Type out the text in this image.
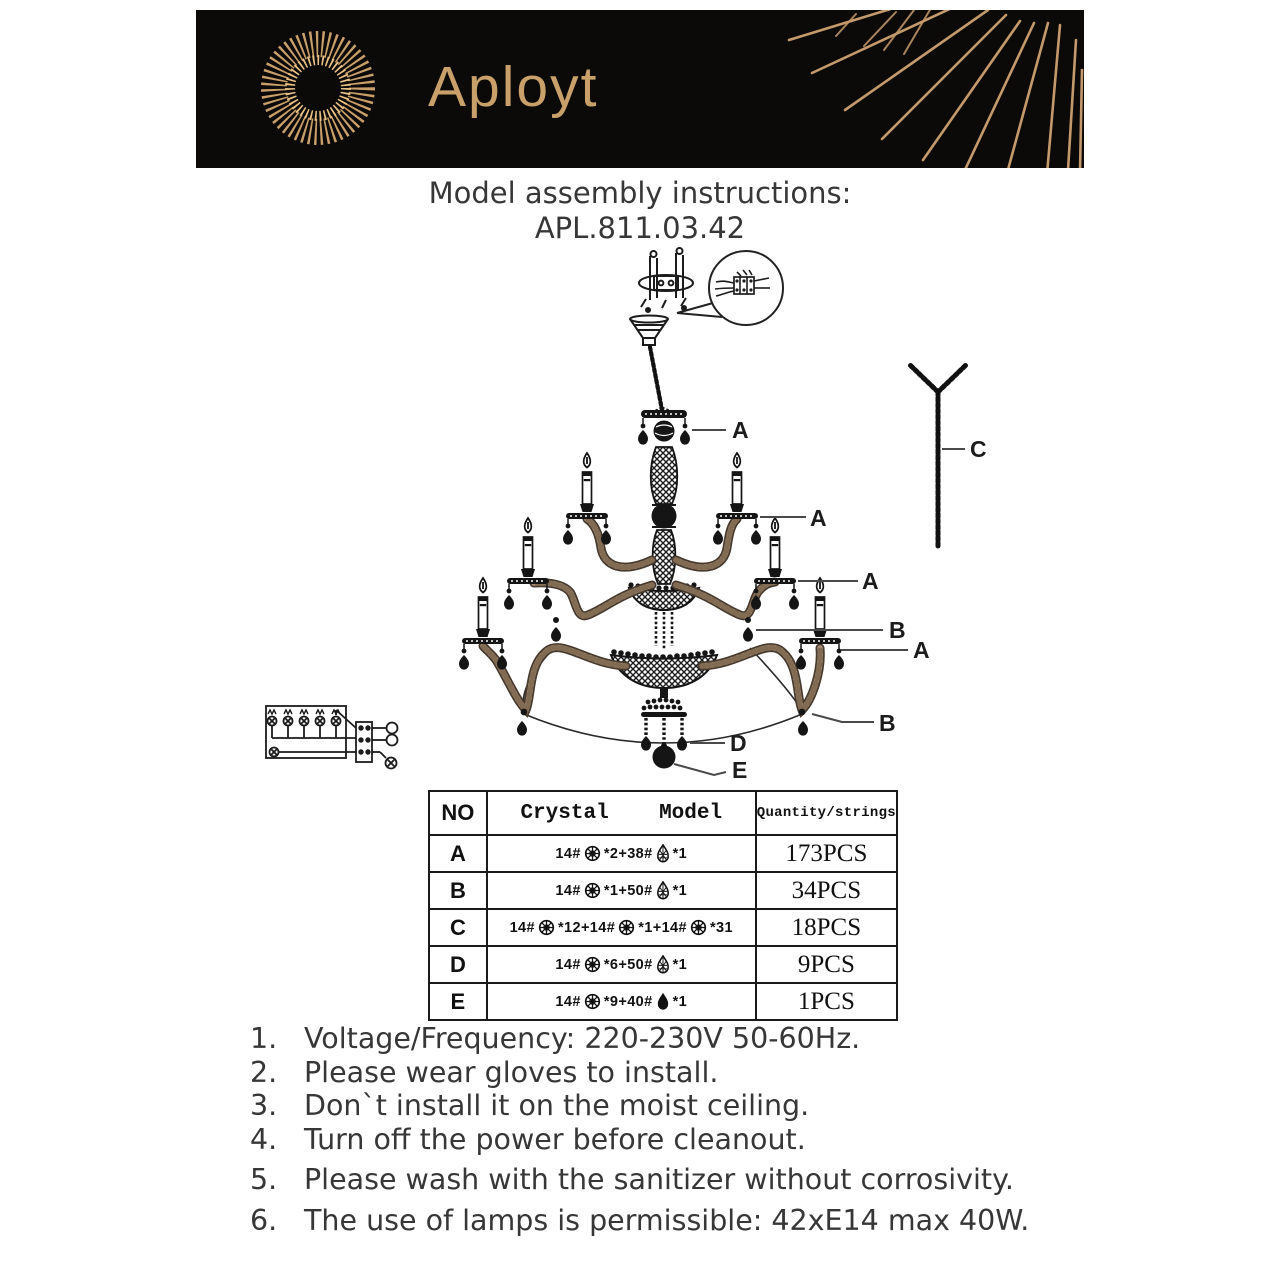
Aployt
Model assembly instructions:
APL.811.03.42
A
A
A
B
A
B
C
D
E
NO	Crystal    Model	Quantity/strings
A	14# *2+38# *1	173PCS
B	14# *1+50# *1	34PCS
C	14# *12+14# *1+14# *31	18PCS
D	14# *6+50# *1	9PCS
E	14# *9+40# *1	1PCS
1. Voltage/Frequency: 220-230V 50-60Hz.
2. Please wear gloves to install.
3. Don`t install it on the moist ceiling.
4. Turn off the power before cleanout.
5. Please wash with the sanitizer without corrosivity.
6. The use of lamps is permissible: 42xE14 max 40W.
